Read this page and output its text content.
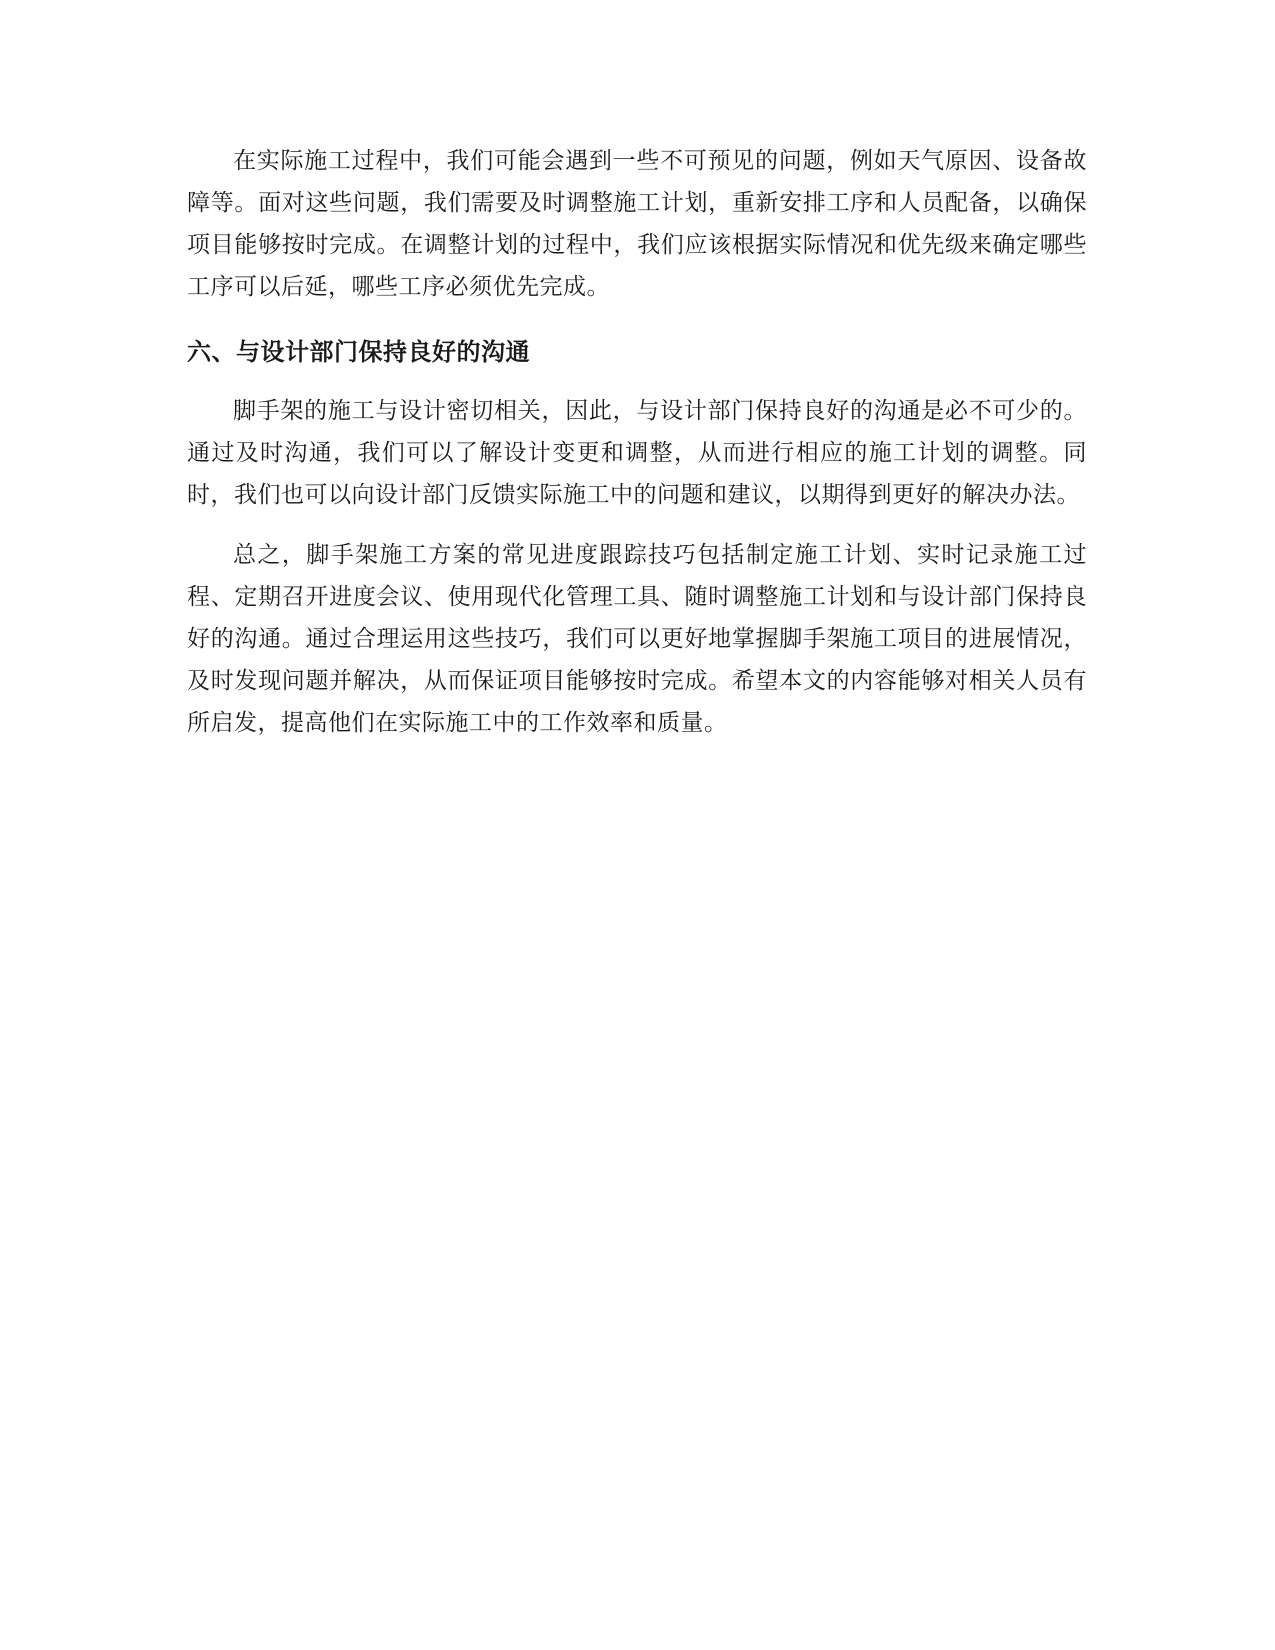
在实际施工过程中，我们可能会遇到一些不可预见的问题，例如天气原因、设备故障等。面对这些问题，我们需要及时调整施工计划，重新安排工序和人员配备，以确保项目能够按时完成。在调整计划的过程中，我们应该根据实际情况和优先级来确定哪些工序可以后延，哪些工序必须优先完成。

六、与设计部门保持良好的沟通

脚手架的施工与设计密切相关，因此，与设计部门保持良好的沟通是必不可少的。通过及时沟通，我们可以了解设计变更和调整，从而进行相应的施工计划的调整。同时，我们也可以向设计部门反馈实际施工中的问题和建议，以期得到更好的解决办法。

总之，脚手架施工方案的常见进度跟踪技巧包括制定施工计划、实时记录施工过程、定期召开进度会议、使用现代化管理工具、随时调整施工计划和与设计部门保持良好的沟通。通过合理运用这些技巧，我们可以更好地掌握脚手架施工项目的进展情况，及时发现问题并解决，从而保证项目能够按时完成。希望本文的内容能够对相关人员有所启发，提高他们在实际施工中的工作效率和质量。
